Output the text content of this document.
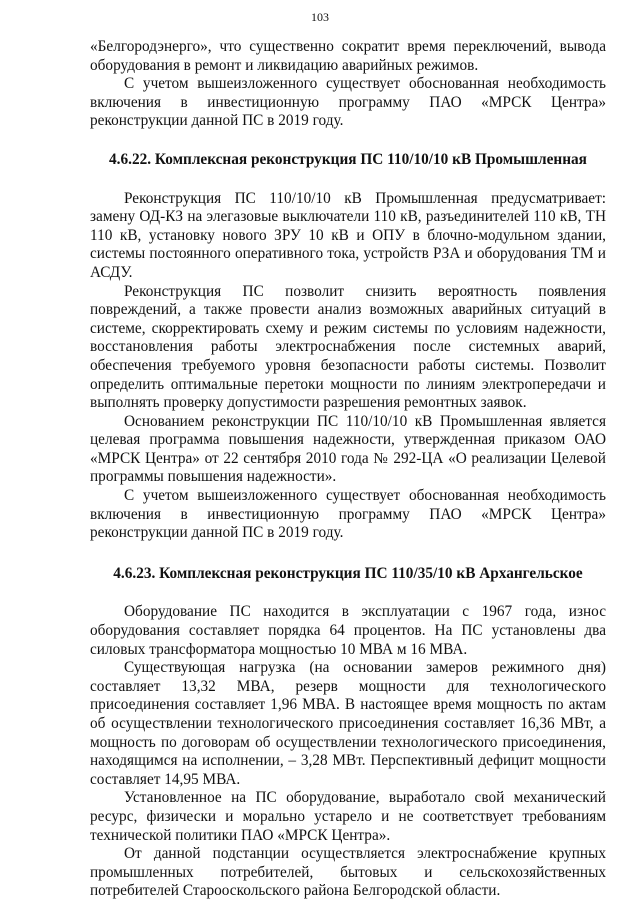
103

«Белгородэнерго», что существенно сократит время переключений, вывода оборудования в ремонт и ликвидацию аварийных режимов.

С учетом вышеизложенного существует обоснованная необходимость включения в инвестиционную программу ПАО «МРСК Центра» реконструкции данной ПС в 2019 году.

4.6.22. Комплексная реконструкция ПС 110/10/10 кВ Промышленная

Реконструкция ПС 110/10/10 кВ Промышленная предусматривает: замену ОД-КЗ на элегазовые выключатели 110 кВ, разъединителей 110 кВ, ТН 110 кВ, установку нового ЗРУ 10 кВ и ОПУ в блочно-модульном здании, системы постоянного оперативного тока, устройств РЗА и оборудования ТМ и АСДУ.

Реконструкция ПС позволит снизить вероятность появления повреждений, а также провести анализ возможных аварийных ситуаций в системе, скорректировать схему и режим системы по условиям надежности, восстановления работы электроснабжения после системных аварий, обеспечения требуемого уровня безопасности работы системы. Позволит определить оптимальные перетоки мощности по линиям электропередачи и выполнять проверку допустимости разрешения ремонтных заявок.

Основанием реконструкции ПС 110/10/10 кВ Промышленная является целевая программа повышения надежности, утвержденная приказом ОАО «МРСК Центра» от 22 сентября 2010 года № 292-ЦА «О реализации Целевой программы повышения надежности».

С учетом вышеизложенного существует обоснованная необходимость включения в инвестиционную программу ПАО «МРСК Центра» реконструкции данной ПС в 2019 году.

4.6.23. Комплексная реконструкция ПС 110/35/10 кВ Архангельское

Оборудование ПС находится в эксплуатации с 1967 года, износ оборудования составляет порядка 64 процентов. На ПС установлены два силовых трансформатора мощностью 10 МВА м 16 МВА.

Существующая нагрузка (на основании замеров режимного дня) составляет 13,32 МВА, резерв мощности для технологического присоединения составляет 1,96 МВА. В настоящее время мощность по актам об осуществлении технологического присоединения составляет 16,36 МВт, а мощность по договорам об осуществлении технологического присоединения, находящимся на исполнении, – 3,28 МВт. Перспективный дефицит мощности составляет 14,95 МВА.

Установленное на ПС оборудование, выработало свой механический ресурс, физически и морально устарело и не соответствует требованиям технической политики ПАО «МРСК Центра».

От данной подстанции осуществляется электроснабжение крупных промышленных потребителей, бытовых и сельскохозяйственных потребителей Старооскольского района Белгородской области.
